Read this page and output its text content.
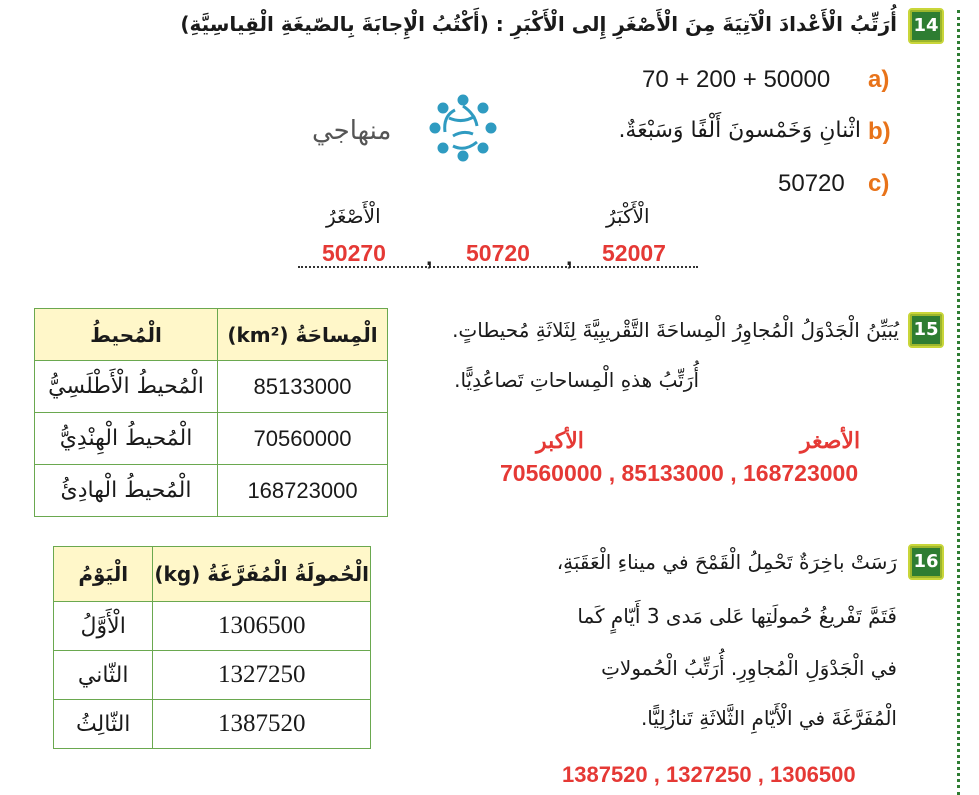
14
أُرَتِّبُ الْأَعْدادَ الْآتِيَةَ مِنَ الْأَصْغَرِ إِلى الْأَكْبَرِ : (أَكْتُبُ الْإِجابَةَ بِالصّيغَةِ الْقِياسِيَّةِ)
a)
70 + 200 + 50000
b)
اثْنانِ وَخَمْسونَ أَلْفًا وَسَبْعَةٌ.
c)
50720
الْأَكْبَرُ
الْأَصْغَرُ
52007
,
50720
,
50270
منهاجي
15
يُبَيِّنُ الْجَدْوَلُ الْمُجاوِرُ الْمِساحَةَ التَّقْريبِيَّةَ لِثَلاثَةِ مُحيطاتٍ.
أُرَتِّبُ هذهِ الْمِساحاتِ تَصاعُدِيًّا.
الأكبر	الأصغر
70560000 , 85133000 , 168723000
الْمُحيطُ	الْمِساحَةُ (km²)
الْمُحيطُ الْأَطْلَسِيُّ	85133000
الْمُحيطُ الْهِنْدِيُّ	70560000
الْمُحيطُ الْهادِئُ	168723000
16
رَسَتْ باخِرَةٌ تَحْمِلُ الْقَمْحَ في ميناءِ الْعَقَبَةِ،
فَتَمَّ تَفْريغُ حُمولَتِها عَلى مَدى 3 أَيّامٍ كَما
في الْجَدْوَلِ الْمُجاوِرِ. أُرَتِّبُ الْحُمولاتِ
الْمُفَرَّغَةَ في الْأَيّامِ الثَّلاثَةِ تَنازُلِيًّا.
1387520 , 1327250 , 1306500
الْيَوْمُ	الْحُمولَةُ الْمُفَرَّغَةُ (kg)
الْأَوَّلُ	1306500
الثّاني	1327250
الثّالِثُ	1387520
